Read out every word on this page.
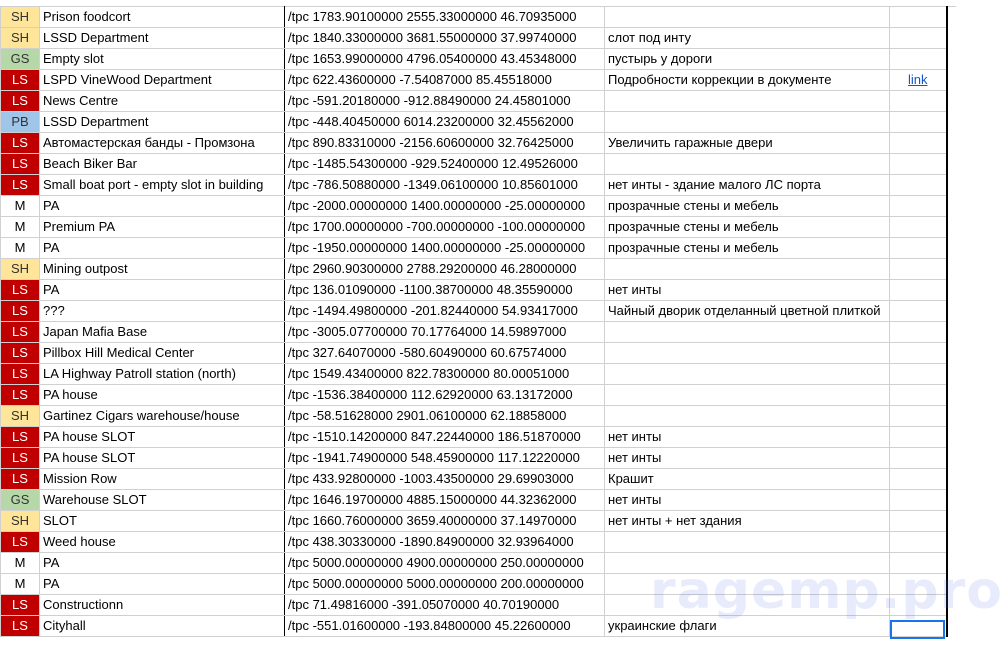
SH	Prison foodcort	/tpc 1783.90100000 2555.33000000 46.70935000		
SH	LSSD Department	/tpc 1840.33000000 3681.55000000 37.99740000	слот под инту	
GS	Empty slot	/tpc 1653.99000000 4796.05400000 43.45348000	пустырь у дороги	
LS	LSPD VineWood Department	/tpc 622.43600000 -7.54087000 85.45518000	Подробности коррекции в документе	link
LS	News Centre	/tpc -591.20180000 -912.88490000 24.45801000		
PB	LSSD Department	/tpc -448.40450000 6014.23200000 32.45562000		
LS	Автомастерская банды - Промзона	/tpc 890.83310000 -2156.60600000 32.76425000	Увеличить гаражные двери	
LS	Beach Biker Bar	/tpc -1485.54300000 -929.52400000 12.49526000		
LS	Small boat port - empty slot in building	/tpc -786.50880000 -1349.06100000 10.85601000	нет инты - здание малого ЛС порта	
M	PA	/tpc -2000.00000000 1400.00000000 -25.00000000	прозрачные стены и мебель	
M	Premium PA	/tpc 1700.00000000 -700.00000000 -100.00000000	прозрачные стены и мебель	
M	PA	/tpc -1950.00000000 1400.00000000 -25.00000000	прозрачные стены и мебель	
SH	Mining outpost	/tpc 2960.90300000 2788.29200000 46.28000000		
LS	PA	/tpc 136.01090000 -1100.38700000 48.35590000	нет инты	
LS	???	/tpc -1494.49800000 -201.82440000 54.93417000	Чайный дворик отделанный цветной плиткой	
LS	Japan Mafia Base	/tpc -3005.07700000 70.17764000 14.59897000		
LS	Pillbox Hill Medical Center	/tpc 327.64070000 -580.60490000 60.67574000		
LS	LA Highway Patroll station (north)	/tpc 1549.43400000 822.78300000 80.00051000		
LS	PA house	/tpc -1536.38400000 112.62920000 63.13172000		
SH	Gartinez Cigars warehouse/house	/tpc -58.51628000 2901.06100000 62.18858000		
LS	PA house SLOT	/tpc -1510.14200000 847.22440000 186.51870000	нет инты	
LS	PA house SLOT	/tpc -1941.74900000 548.45900000 117.12220000	нет инты	
LS	Mission Row	/tpc 433.92800000 -1003.43500000 29.69903000	Крашит	
GS	Warehouse SLOT	/tpc 1646.19700000 4885.15000000 44.32362000	нет инты	
SH	SLOT	/tpc 1660.76000000 3659.40000000 37.14970000	нет инты + нет здания	
LS	Weed house	/tpc 438.30330000 -1890.84900000 32.93964000		
M	PA	/tpc 5000.00000000 4900.00000000 250.00000000		
M	PA	/tpc 5000.00000000 5000.00000000 200.00000000		
LS	Constructionn	/tpc 71.49816000 -391.05070000 40.70190000		
LS	Cityhall	/tpc -551.01600000 -193.84800000 45.22600000	украинские флаги	
ragemp.pro
